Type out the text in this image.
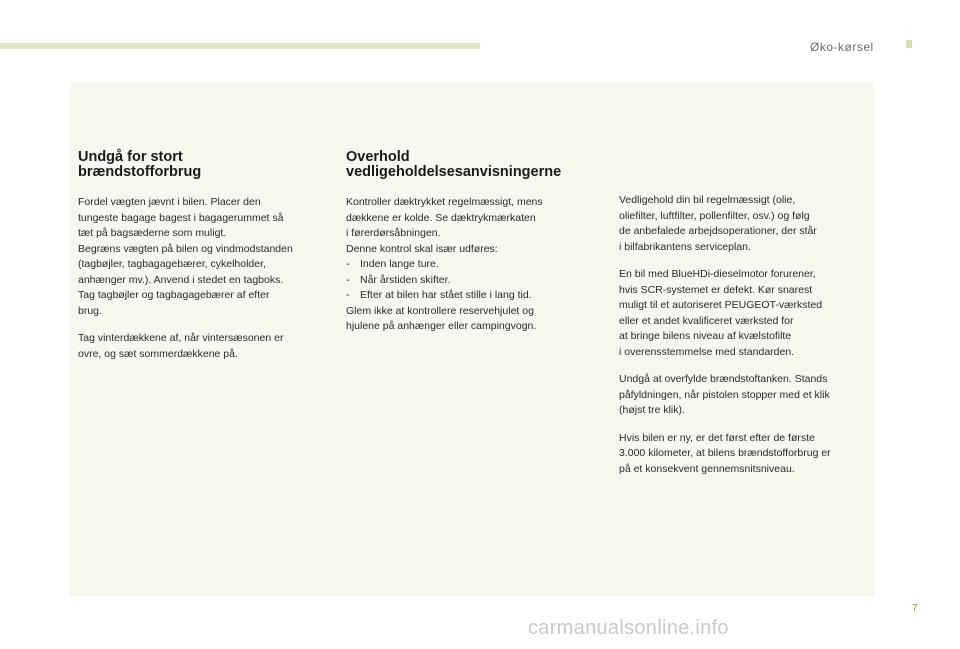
Øko-kørsel
Undgå for stort
brændstofforbrug

Fordel vægten jævnt i bilen. Placer den
tungeste bagage bagest i bagagerummet så
tæt på bagsæderne som muligt.
Begræns vægten på bilen og vindmodstanden
(tagbøjler, tagbagagebærer, cykelholder,
anhænger mv.). Anvend i stedet en tagboks.
Tag tagbøjler og tagbagagebærer af efter
brug.

Tag vinterdækkene af, når vintersæsonen er
ovre, og sæt sommerdækkene på.

Overhold
vedligeholdelsesanvisningerne

Kontroller dæktrykket regelmæssigt, mens
dækkene er kolde. Se dæktrykmærkaten
i førerdørsåbningen.
Denne kontrol skal især udføres:

-	Inden lange ture.
-	Når årstiden skifter.
-	Efter at bilen har stået stille i lang tid.

Glem ikke at kontrollere reservehjulet og
hjulene på anhænger eller campingvogn.

Vedligehold din bil regelmæssigt (olie,
oliefilter, luftfilter, pollenfilter, osv.) og følg
de anbefalede arbejdsoperationer, der står
i bilfabrikantens serviceplan.

En bil med BlueHDi-dieselmotor forurener,
hvis SCR-systemet er defekt. Kør snarest
muligt til et autoriseret PEUGEOT-værksted
eller et andet kvalificeret værksted for
at bringe bilens niveau af kvælstofilte
i overensstemmelse med standarden.

Undgå at overfylde brændstoftanken. Stands
påfyldningen, når pistolen stopper med et klik
(højst tre klik).

Hvis bilen er ny, er det først efter de første
3.000 kilometer, at bilens brændstofforbrug er
på et konsekvent gennemsnitsniveau.

7
carmanualsonline.info
